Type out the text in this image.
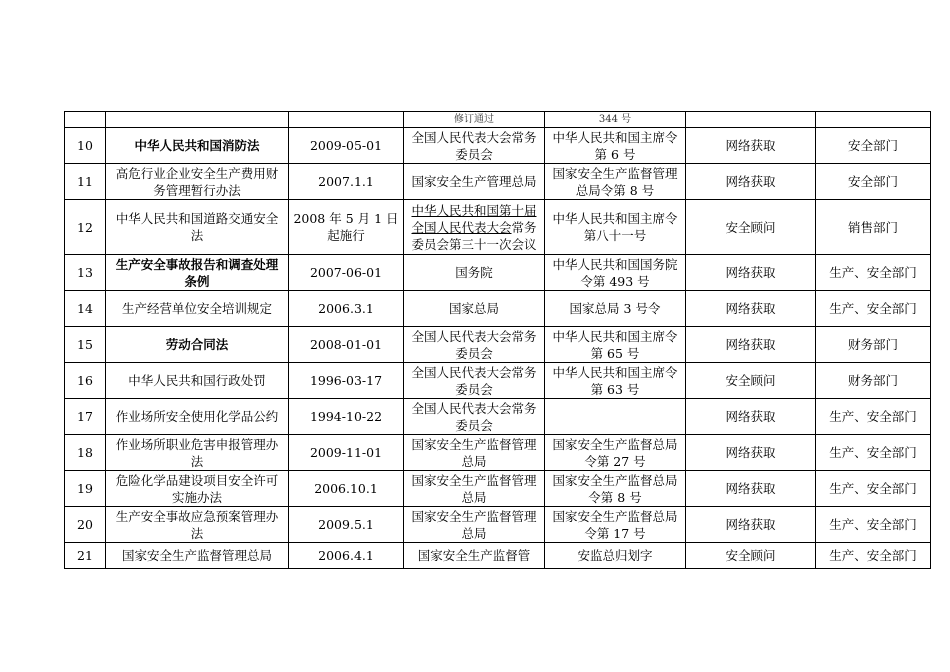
			修订通过	344 号		
10	中华人民共和国消防法	2009-05-01	全国人民代表大会常务委员会	中华人民共和国主席令第 6 号	网络获取	安全部门
11	高危行业企业安全生产费用财务管理暂行办法	2007.1.1	国家安全生产管理总局	国家安全生产监督管理总局令第 8 号	网络获取	安全部门
12	中华人民共和国道路交通安全法	2008 年 5 月 1 日起施行	中华人民共和国第十届全国人民代表大会常务委员会第三十一次会议	中华人民共和国主席令第八十一号	安全顾问	销售部门
13	生产安全事故报告和调查处理条例	2007-06-01	国务院	中华人民共和国国务院令第 493 号	网络获取	生产、安全部门
14	生产经营单位安全培训规定	2006.3.1	国家总局	国家总局 3 号令	网络获取	生产、安全部门
15	劳动合同法	2008-01-01	全国人民代表大会常务委员会	中华人民共和国主席令第 65 号	网络获取	财务部门
16	中华人民共和国行政处罚	1996-03-17	全国人民代表大会常务委员会	中华人民共和国主席令第 63 号	安全顾问	财务部门
17	作业场所安全使用化学品公约	1994-10-22	全国人民代表大会常务委员会		网络获取	生产、安全部门
18	作业场所职业危害申报管理办法	2009-11-01	国家安全生产监督管理总局	国家安全生产监督总局令第 27 号	网络获取	生产、安全部门
19	危险化学品建设项目安全许可实施办法	2006.10.1	国家安全生产监督管理总局	国家安全生产监督总局令第 8 号	网络获取	生产、安全部门
20	生产安全事故应急预案管理办法	2009.5.1	国家安全生产监督管理总局	国家安全生产监督总局令第 17 号	网络获取	生产、安全部门
21	国家安全生产监督管理总局	2006.4.1	国家安全生产监督管	安监总归划字	安全顾问	生产、安全部门
